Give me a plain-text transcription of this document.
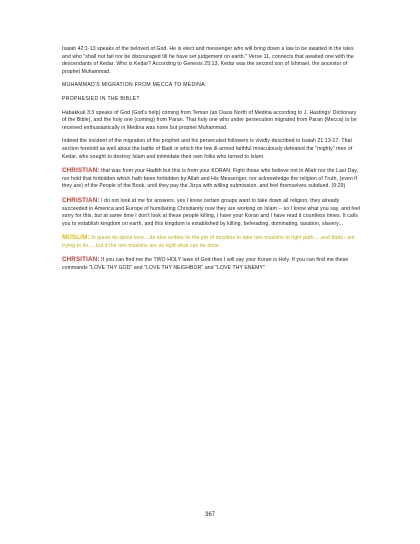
Isaiah 42:1-13 speaks of the beloved of God. He is elect and messenger who will bring down a law to be awaited in the isles and who "shall not fail nor be discouraged till he have set judgement on earth." Verse 11, connects that awaited one with the descendants of Kedar. Who is Kedar? According to Genesis 25:13, Kedar was the second son of Ishmael, the ancestor of prophet Muhammad.

MUHAMMAD'S MIGRATION FROM MECCA TO MEDINA:

PROPHESIED IN THE BIBLE?

Habakkuk 3:3 speaks of God (God's help) coming from Teman (an Oasis North of Medina according to J. Hastings' Dictionary of the Bible), and the holy one (coming) from Paran. That holy one who under persecution migrated from Paran (Mecca) to be received enthusiastically in Medina was none but prophet Muhammad.

Indeed the incident of the migration of the prophet and his persecuted followers is vividly described in Isaiah 21:13-17. That section foretold as well about the battle of Badr in which the few ill-armed faithful miraculously defeated the "mighty" men of Kedar, who sought to destroy Islam and intimidate their own folks who turned to Islam.

CHRISTIAN: that was from your Hadith but this is from your KORAN: Fight those who believe not in Allah nor the Last Day, nor hold that forbidden which hath been forbidden by Allah and His Messenger, nor acknowledge the religion of Truth, (even if they are) of the People of the Book, until they pay the Jizya with willing submission, and feel themselves subdued. (9:29)

CHRISTIAN: I do not look at me for answers, yes I know certain groups want to take down all religion, they already succeeded in America and Europe of humiliating Christianity now they are working on Islam -- so I know what you say, and feel sorry for this, but at same time I don't look at these people killing, I have your Koran and I have read it countless times. It calls you to establish kingdom on earth, and this kingdom is established by killing, beheading, dominating, taxation, slavery...

MUSLIM: In quran its about love....its also written its the job of muslims to take non muslims to right path.....and thats i am trying to do.....but if the non muslims are so rigid what can be done

CHRSITIAN: If you can find me the TWO HOLY laws of God then I will say your Koran is Holy. If you can find me these commands "LOVE THY GOD" and "LOVE THY NEIGHBOR" and "LOVE THY ENEMY"

367
